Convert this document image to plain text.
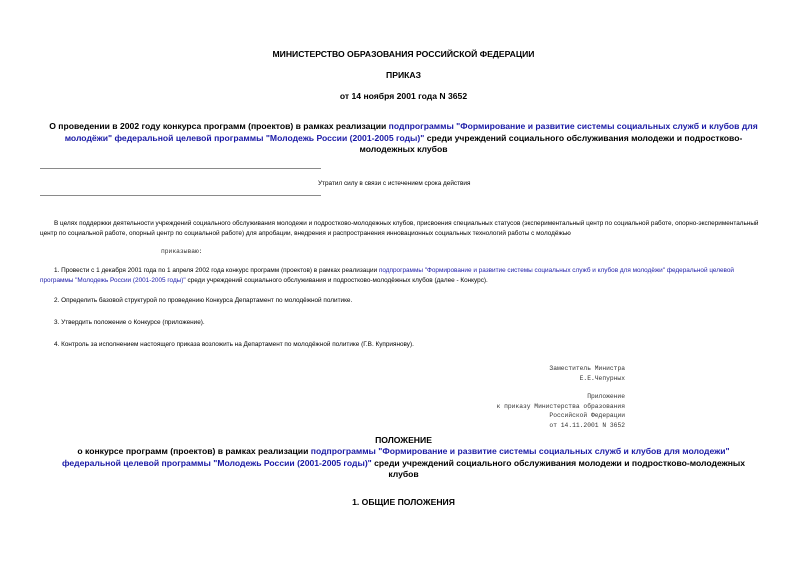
МИНИСТЕРСТВО ОБРАЗОВАНИЯ РОССИЙСКОЙ ФЕДЕРАЦИИ
ПРИКАЗ
от 14 ноября 2001 года N 3652
О проведении в 2002 году конкурса программ (проектов) в рамках реализации подпрограммы "Формирование и развитие системы социальных служб и клубов для молодёжи" федеральной целевой программы "Молодежь России (2001-2005 годы)" среди учреждений социального обслуживания молодежи и подростково-молодежных клубов
Утратил силу в связи с истечением срока действия
В целях поддержки деятельности учреждений социального обслуживания молодежи и подростково-молодежных клубов, присвоения специальных статусов (экспериментальный центр по социальной работе, опорно-экспериментальный центр по социальной работе, опорный центр по социальной работе) для апробации, внедрения и распространения инновационных социальных технологий работы с молодёжью
приказываю:
1. Провести с 1 декабря 2001 года по 1 апреля 2002 года конкурс программ (проектов) в рамках реализации подпрограммы "Формирование и развитие системы социальных служб и клубов для молодёжи" федеральной целевой программы "Молодежь России (2001-2005 годы)" среди учреждений социального обслуживания и подростково-молодёжных клубов (далее - Конкурс).
2. Определить базовой структурой по проведению Конкурса Департамент по молодёжной политике.
3. Утвердить положение о Конкурсе (приложение).
4. Контроль за исполнением настоящего приказа возложить на Департамент по молодёжной политике (Г.В. Куприянову).
Заместитель Министра
Е.Е.Чепурных
Приложение
к приказу Министерства образования
Российской Федерации
от 14.11.2001 N 3652
ПОЛОЖЕНИЕ
о конкурсе программ (проектов) в рамках реализации подпрограммы "Формирование и развитие системы социальных служб и клубов для молодежи" федеральной целевой программы "Молодежь России (2001-2005 годы)" среди учреждений социального обслуживания молодежи и подростково-молодежных клубов
1. ОБЩИЕ ПОЛОЖЕНИЯ
